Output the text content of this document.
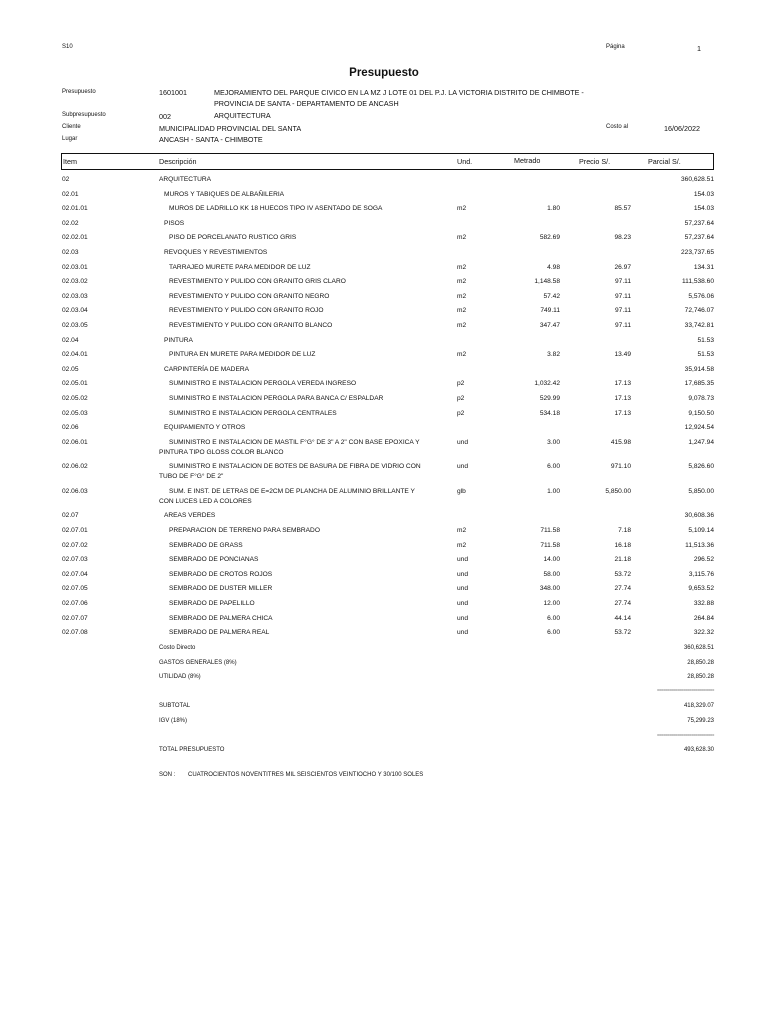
S10	Página	1
Presupuesto
Presupuesto	1601001	MEJORAMIENTO DEL PARQUE CIVICO EN LA MZ J LOTE 01 DEL P.J. LA VICTORIA DISTRITO DE CHIMBOTE -
PROVINCIA DE SANTA - DEPARTAMENTO DE ANCASH
Subpresupuesto	002	ARQUITECTURA
Cliente	MUNICIPALIDAD PROVINCIAL DEL SANTA	Costo al	16/06/2022
Lugar	ANCASH - SANTA - CHIMBOTE
Item	Descripción	Und.	Metrado	Precio S/.	Parcial S/.
02	ARQUITECTURA	360,628.51
02.01	MUROS Y TABIQUES DE ALBAÑILERIA	154.03
02.01.01	MUROS DE LADRILLO KK 18 HUECOS TIPO IV ASENTADO DE SOGA	m2	1.80	85.57	154.03
02.02	PISOS	57,237.64
02.02.01	PISO DE PORCELANATO RUSTICO GRIS	m2	582.69	98.23	57,237.64
02.03	REVOQUES Y REVESTIMIENTOS	223,737.65
02.03.01	TARRAJEO MURETE PARA MEDIDOR DE LUZ	m2	4.98	26.97	134.31
02.03.02	REVESTIMIENTO Y PULIDO CON GRANITO GRIS CLARO	m2	1,148.58	97.11	111,538.60
02.03.03	REVESTIMIENTO Y PULIDO CON GRANITO NEGRO	m2	57.42	97.11	5,576.06
02.03.04	REVESTIMIENTO Y PULIDO CON GRANITO ROJO	m2	749.11	97.11	72,746.07
02.03.05	REVESTIMIENTO Y PULIDO CON GRANITO BLANCO	m2	347.47	97.11	33,742.81
02.04	PINTURA	51.53
02.04.01	PINTURA EN MURETE PARA MEDIDOR DE LUZ	m2	3.82	13.49	51.53
02.05	CARPINTERÍA DE MADERA	35,914.58
02.05.01	SUMINISTRO E INSTALACION PERGOLA VEREDA INGRESO	p2	1,032.42	17.13	17,685.35
02.05.02	SUMINISTRO E INSTALACION PERGOLA PARA BANCA C/ ESPALDAR	p2	529.99	17.13	9,078.73
02.05.03	SUMINISTRO E INSTALACION PERGOLA CENTRALES	p2	534.18	17.13	9,150.50
02.06	EQUIPAMIENTO Y OTROS	12,924.54
02.06.01	SUMINISTRO E INSTALACION DE MASTIL F°G° DE 3" A 2" CON BASE EPOXICA Y
PINTURA TIPO GLOSS COLOR BLANCO
und	3.00	415.98	1,247.94
02.06.02	SUMINISTRO E INSTALACION DE BOTES DE BASURA DE FIBRA DE VIDRIO CON
TUBO DE F°G° DE 2"
und	6.00	971.10	5,826.60
02.06.03	SUM. E INST. DE LETRAS DE E=2CM DE PLANCHA DE ALUMINIO BRILLANTE Y
CON LUCES LED A COLORES
glb	1.00	5,850.00	5,850.00
02.07	AREAS VERDES	30,608.36
02.07.01	PREPARACION DE TERRENO PARA SEMBRADO	m2	711.58	7.18	5,109.14
02.07.02	SEMBRADO DE GRASS	m2	711.58	16.18	11,513.36
02.07.03	SEMBRADO DE PONCIANAS	und	14.00	21.18	296.52
02.07.04	SEMBRADO DE CROTOS ROJOS	und	58.00	53.72	3,115.76
02.07.05	SEMBRADO DE DUSTER MILLER	und	348.00	27.74	9,653.52
02.07.06	SEMBRADO DE PAPELILLO	und	12.00	27.74	332.88
02.07.07	SEMBRADO DE PALMERA CHICA	und	6.00	44.14	264.84
02.07.08	SEMBRADO DE PALMERA REAL	und	6.00	53.72	322.32
Costo Directo	360,628.51
GASTOS GENERALES (8%)	28,850.28
UTILIDAD (8%)	28,850.28
============================
SUBTOTAL	418,329.07
IGV (18%)	75,299.23
============================
TOTAL PRESUPUESTO	493,628.30
SON : CUATROCIENTOS NOVENTITRES MIL SEISCIENTOS VEINTIOCHO Y 30/100 SOLES
